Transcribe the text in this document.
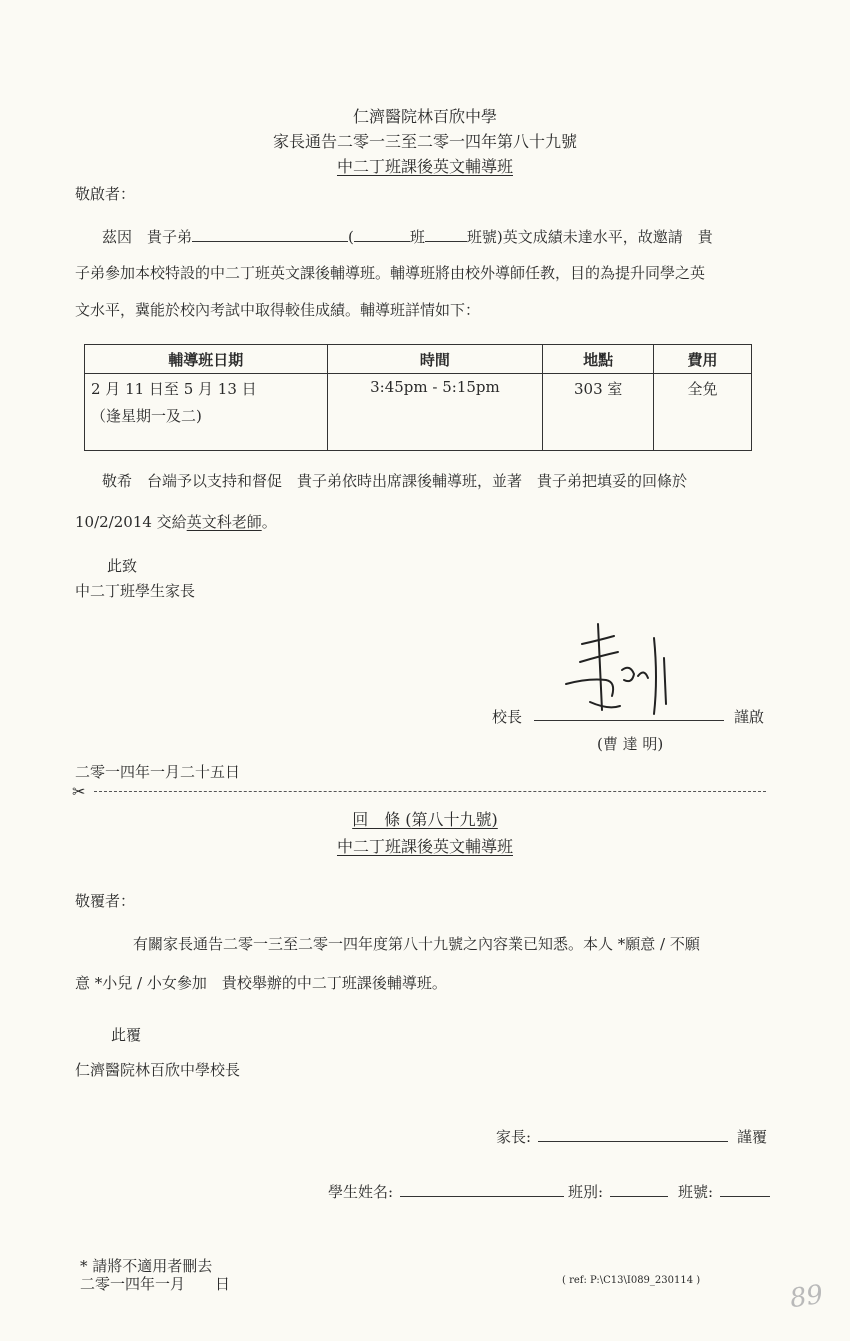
仁濟醫院林百欣中學
家長通告二零一三至二零一四年第八十九號
中二丁班課後英文輔導班
敬啟者：
茲因　貴子弟	(	班	班號)英文成績未達水平，故邀請　貴
子弟參加本校特設的中二丁班英文課後輔導班。輔導班將由校外導師任教，目的為提升同學之英
文水平，冀能於校內考試中取得較佳成績。輔導班詳情如下：
輔導班日期	時間	地點	費用

2 月 11 日至 5 月 13 日
（逢星期一及二)	3:45pm - 5:15pm	303 室	全免
敬希　台端予以支持和督促　貴子弟依時出席課後輔導班，並著　貴子弟把填妥的回條於
10/2/2014 交給英文科老師。
此致
中二丁班學生家長
校長	謹啟
(曹 達 明)
二零一四年一月二十五日
✂
回　條 (第八十九號)
中二丁班課後英文輔導班
敬覆者：
有關家長通告二零一三至二零一四年度第八十九號之內容業已知悉。本人 *願意 / 不願
意 *小兒 / 小女參加　貴校舉辦的中二丁班課後輔導班。
此覆
仁濟醫院林百欣中學校長
家長:	謹覆
學生姓名:	班別:	班號:
* 請將不適用者刪去
二零一四年一月　　日	( ref: P:\C13\I089_230114 )	89
